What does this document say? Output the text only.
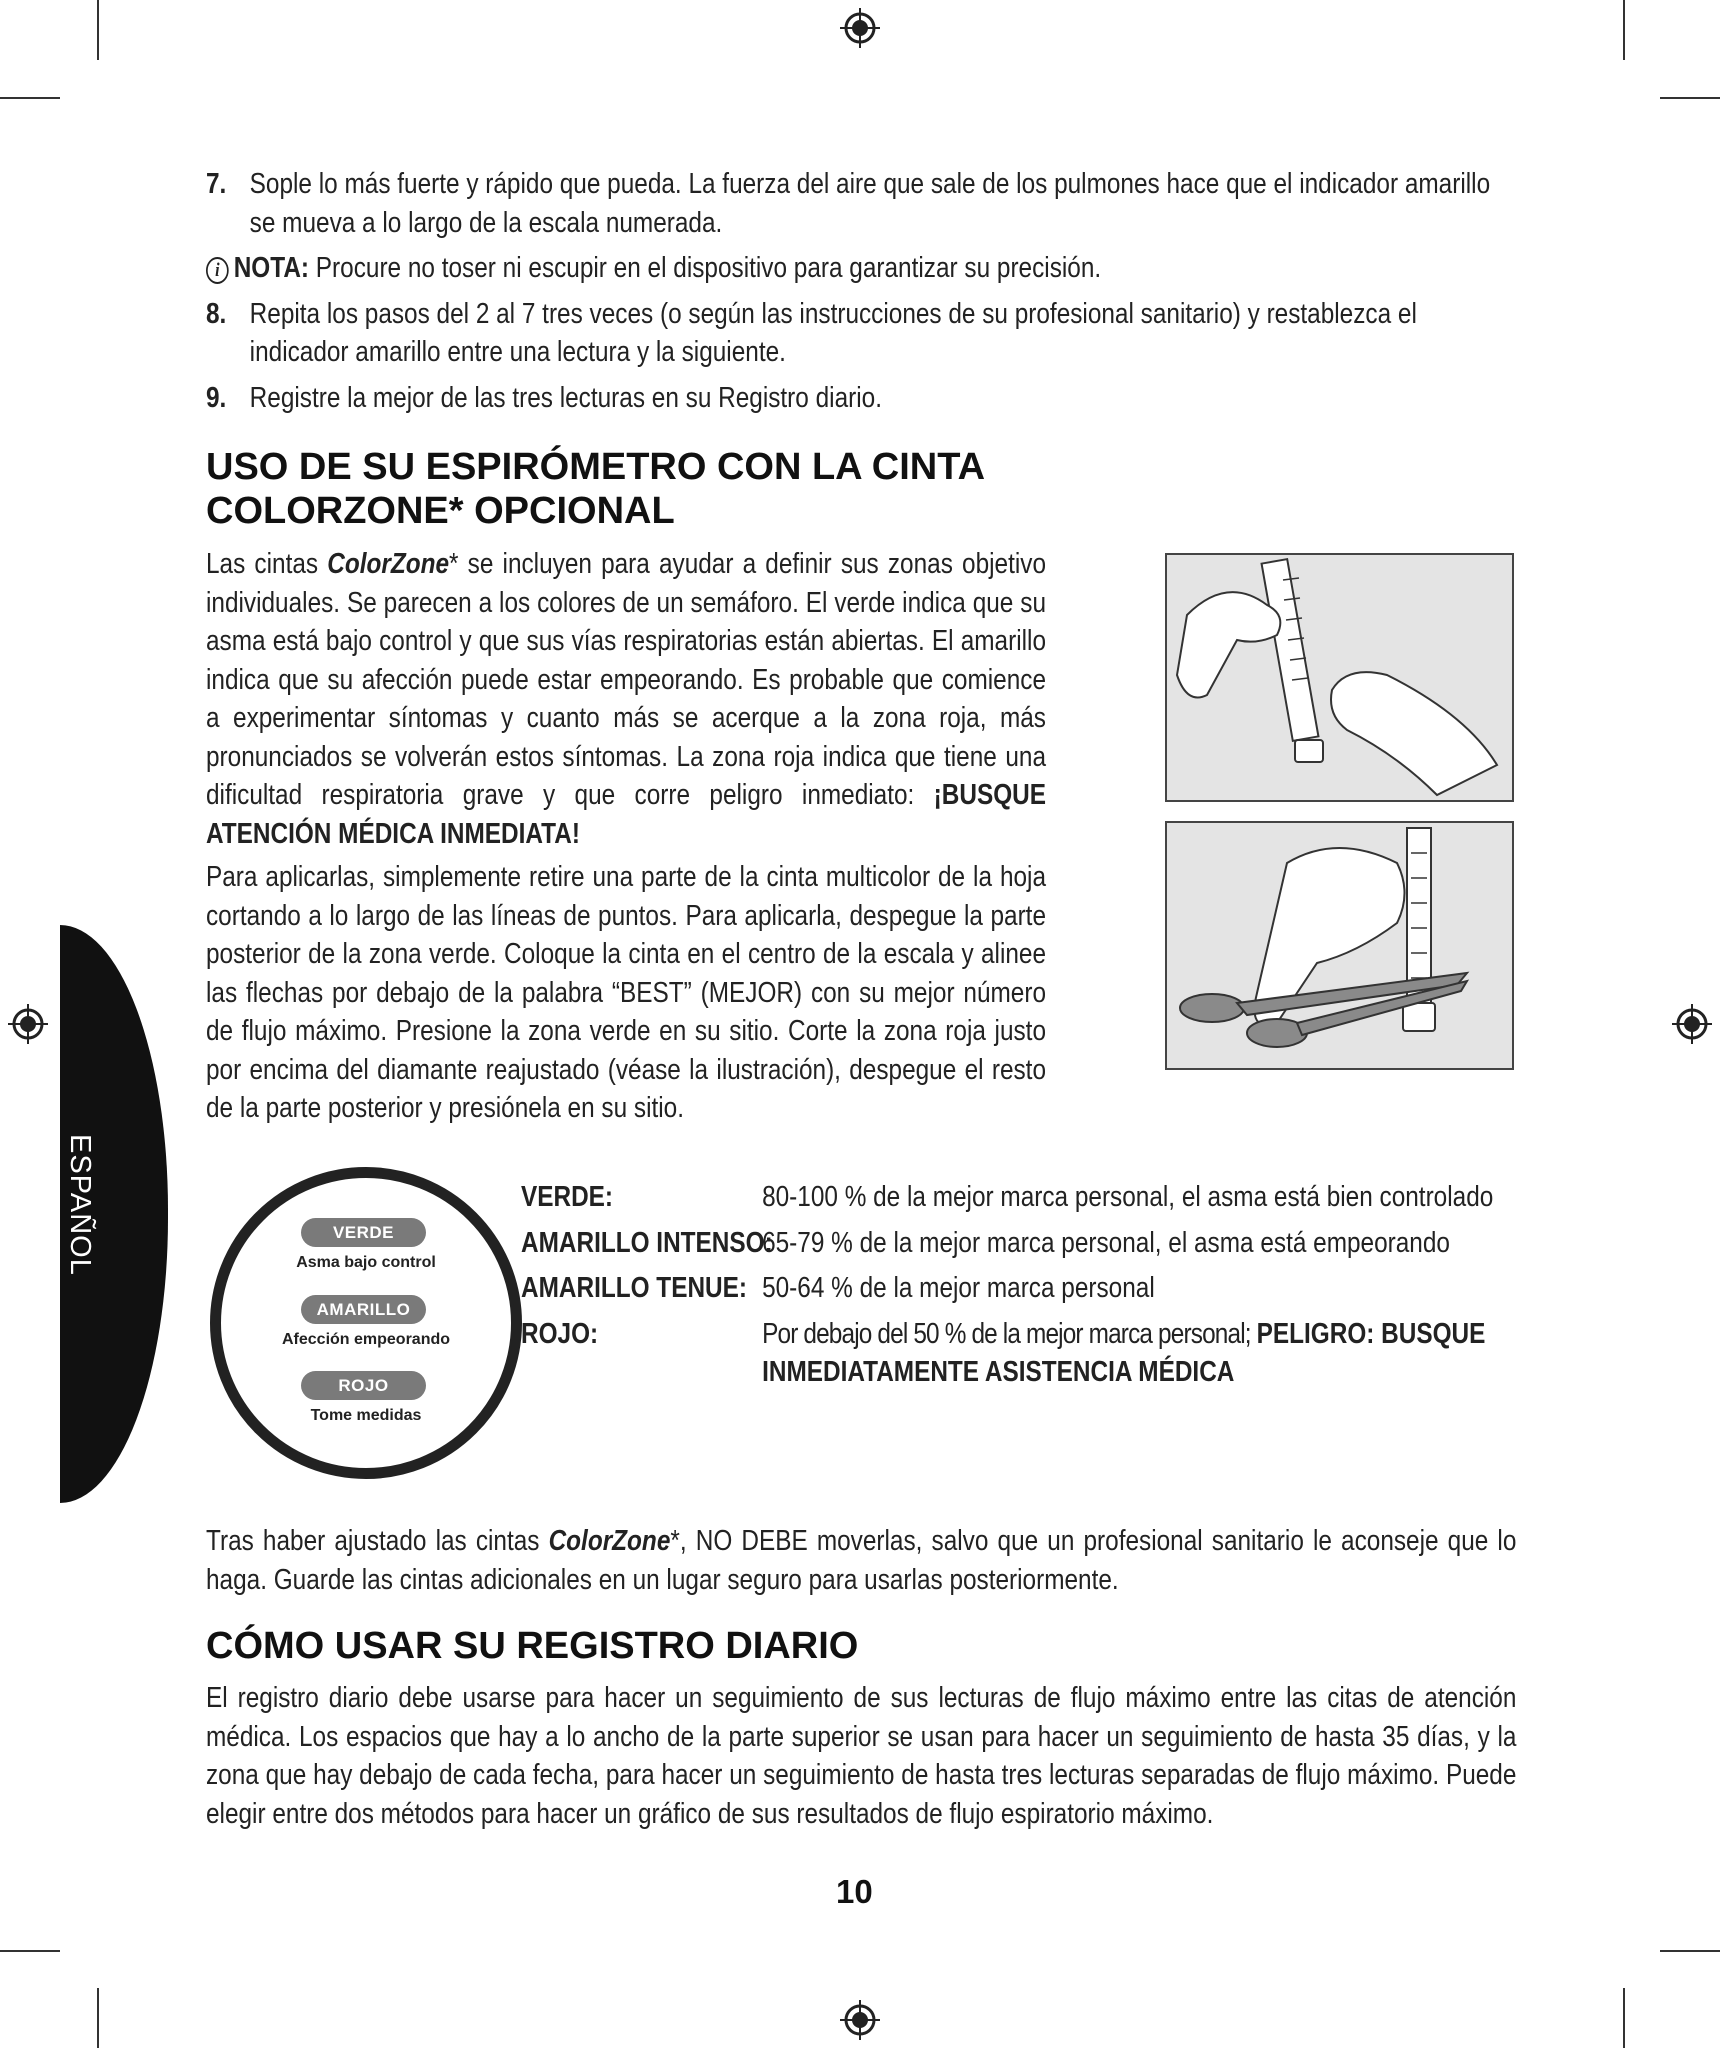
ESPAÑOL
7. Sople lo más fuerte y rápido que pueda. La fuerza del aire que sale de los pulmones hace que el indicador amarillo se mueva a lo largo de la escala numerada.
i NOTA: Procure no toser ni escupir en el dispositivo para garantizar su precisión.
8. Repita los pasos del 2 al 7 tres veces (o según las instrucciones de su profesional sanitario) y restablezca el indicador amarillo entre una lectura y la siguiente.
9. Registre la mejor de las tres lecturas en su Registro diario.
USO DE SU ESPIRÓMETRO CON LA CINTA
COLORZONE* OPCIONAL
Las cintas ColorZone* se incluyen para ayudar a definir sus zonas objetivo individuales. Se parecen a los colores de un semáforo. El verde indica que su asma está bajo control y que sus vías respiratorias están abiertas. El amarillo indica que su afección puede estar empeorando. Es probable que comience a experimentar síntomas y cuanto más se acerque a la zona roja, más pronunciados se volverán estos síntomas. La zona roja indica que tiene una dificultad respiratoria grave y que corre peligro inmediato: ¡BUSQUE ATENCIÓN MÉDICA INMEDIATA!
Para aplicarlas, simplemente retire una parte de la cinta multicolor de la hoja cortando a lo largo de las líneas de puntos. Para aplicarla, despegue la parte posterior de la zona verde. Coloque la cinta en el centro de la escala y alinee las flechas por debajo de la palabra “BEST” (MEJOR) con su mejor número de flujo máximo. Presione la zona verde en su sitio. Corte la zona roja justo por encima del diamante reajustado (véase la ilustración), despegue el resto de la parte posterior y presiónela en su sitio.
VERDE
Asma bajo control
AMARILLO
Afección empeorando
ROJO
Tome medidas
VERDE:	80-100 % de la mejor marca personal, el asma está bien controlado
AMARILLO INTENSO:
65-79 % de la mejor marca personal, el asma está empeorando
AMARILLO TENUE: 50-64 % de la mejor marca personal
ROJO:	Por debajo del 50 % de la mejor marca personal; PELIGRO: BUSQUE INMEDIATAMENTE ASISTENCIA MÉDICA
Tras haber ajustado las cintas ColorZone*, NO DEBE moverlas, salvo que un profesional sanitario le aconseje que lo haga. Guarde las cintas adicionales en un lugar seguro para usarlas posteriormente.
CÓMO USAR SU REGISTRO DIARIO
El registro diario debe usarse para hacer un seguimiento de sus lecturas de flujo máximo entre las citas de atención médica. Los espacios que hay a lo ancho de la parte superior se usan para hacer un seguimiento de hasta 35 días, y la zona que hay debajo de cada fecha, para hacer un seguimiento de hasta tres lecturas separadas de flujo máximo. Puede elegir entre dos métodos para hacer un gráfico de sus resultados de flujo espiratorio máximo.
10
